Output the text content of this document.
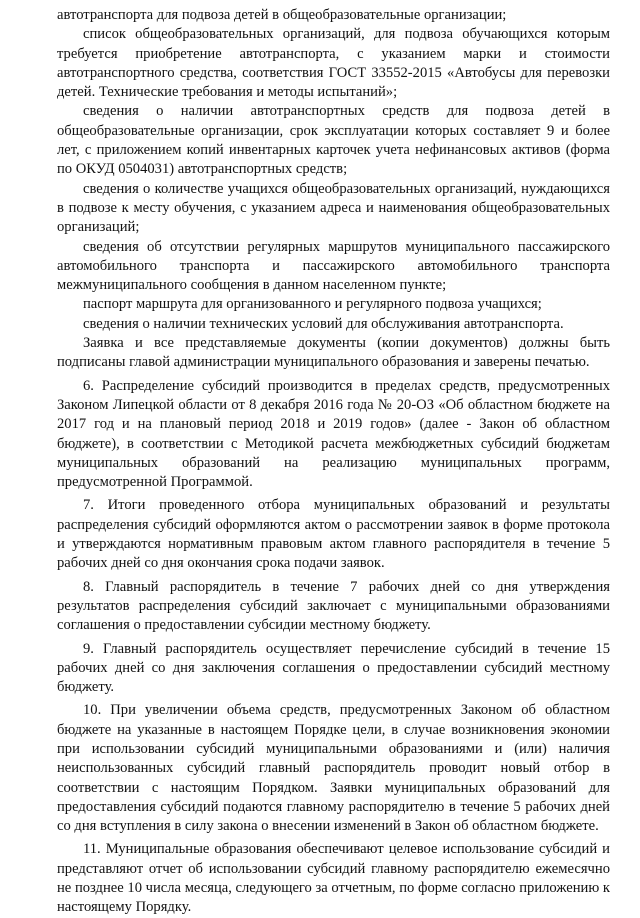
автотранспорта для подвоза детей в общеобразовательные организации;

список общеобразовательных организаций, для подвоза обучающихся которым требуется приобретение автотранспорта, с указанием марки и стоимости автотранспортного средства, соответствия ГОСТ 33552-2015 «Автобусы для перевозки детей. Технические требования и методы испытаний»;

сведения о наличии автотранспортных средств для подвоза детей в общеобразовательные организации, срок эксплуатации которых составляет 9 и более лет, с приложением копий инвентарных карточек учета нефинансовых активов (форма по ОКУД 0504031) автотранспортных средств;

сведения о количестве учащихся общеобразовательных организаций, нуждающихся в подвозе к месту обучения, с указанием адреса и наименования общеобразовательных организаций;

сведения об отсутствии регулярных маршрутов муниципального пассажирского автомобильного транспорта и пассажирского автомобильного транспорта межмуниципального сообщения в данном населенном пункте;

паспорт маршрута для организованного и регулярного подвоза учащихся;

сведения о наличии технических условий для обслуживания автотранспорта.

Заявка и все представляемые документы (копии документов) должны быть подписаны главой администрации муниципального образования и заверены печатью.

6. Распределение субсидий производится в пределах средств, предусмотренных Законом Липецкой области от 8 декабря 2016 года № 20-ОЗ «Об областном бюджете на 2017 год и на плановый период 2018 и 2019 годов» (далее - Закон об областном бюджете), в соответствии с Методикой расчета межбюджетных субсидий бюджетам муниципальных образований на реализацию муниципальных программ, предусмотренной Программой.

7. Итоги проведенного отбора муниципальных образований и результаты распределения субсидий оформляются актом о рассмотрении заявок в форме протокола и утверждаются нормативным правовым актом главного распорядителя в течение 5 рабочих дней со дня окончания срока подачи заявок.

8. Главный распорядитель в течение 7 рабочих дней со дня утверждения результатов распределения субсидий заключает с муниципальными образованиями соглашения о предоставлении субсидии местному бюджету.

9. Главный распорядитель осуществляет перечисление субсидий в течение 15 рабочих дней со дня заключения соглашения о предоставлении субсидий местному бюджету.

10. При увеличении объема средств, предусмотренных Законом об областном бюджете на указанные в настоящем Порядке цели, в случае возникновения экономии при использовании субсидий муниципальными образованиями и (или) наличия неиспользованных субсидий главный распорядитель проводит новый отбор в соответствии с настоящим Порядком. Заявки муниципальных образований для предоставления субсидий подаются главному распорядителю в течение 5 рабочих дней со дня вступления в силу закона о внесении изменений в Закон об областном бюджете.

11. Муниципальные образования обеспечивают целевое использование субсидий и представляют отчет об использовании субсидий главному распорядителю ежемесячно не позднее 10 числа месяца, следующего за отчетным, по форме согласно приложению к настоящему Порядку.
